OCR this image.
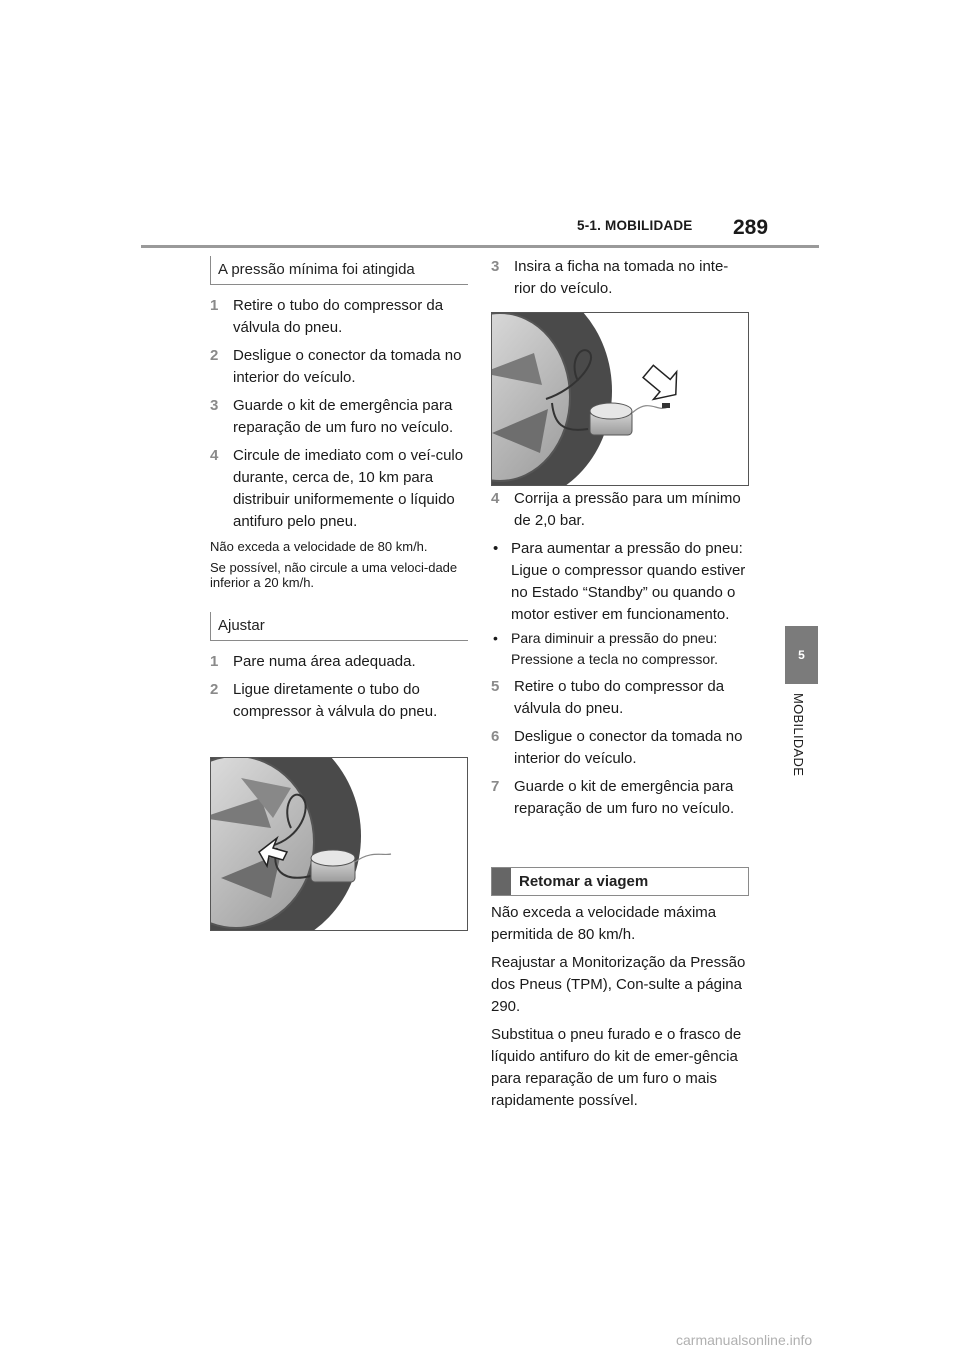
5-1. MOBILIDADE 289
5
MOBILIDADE
A pressão mínima foi atingida
1 Retire o tubo do compressor da válvula do pneu.
2 Desligue o conector da tomada no interior do veículo.
3 Guarde o kit de emergência para reparação de um furo no veículo.
4 Circule de imediato com o veí-culo durante, cerca de, 10 km para distribuir uniformemente o líquido antifuro pelo pneu.

Não exceda a velocidade de 80 km/h.

Se possível, não circule a uma veloci-dade inferior a 20 km/h.

Ajustar
1 Pare numa área adequada.
2 Ligue diretamente o tubo do compressor à válvula do pneu.
3 Insira a ficha na tomada no inte-rior do veículo.
4 Corrija a pressão para um mínimo de 2,0 bar.
• Para aumentar a pressão do pneu: Ligue o compressor quando estiver no Estado “Standby” ou quando o motor estiver em funcionamento.
• Para diminuir a pressão do pneu: Pressione a tecla no compressor.
5 Retire o tubo do compressor da válvula do pneu.
6 Desligue o conector da tomada no interior do veículo.
7 Guarde o kit de emergência para reparação de um furo no veículo.
Retomar a viagem
Não exceda a velocidade máxima permitida de 80 km/h.
Reajustar a Monitorização da Pressão dos Pneus (TPM), Con-sulte a página 290.
Substitua o pneu furado e o frasco de líquido antifuro do kit de emer-gência para reparação de um furo o mais rapidamente possível.
carmanualsonline.info
